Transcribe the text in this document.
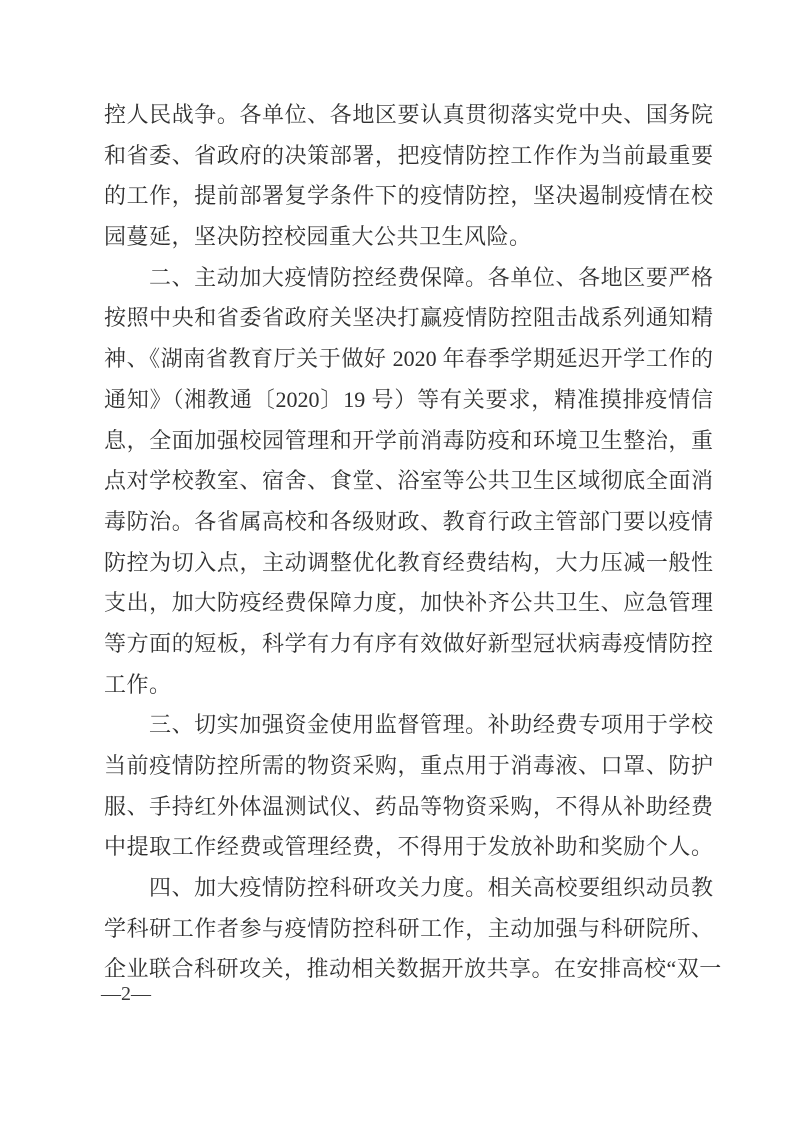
控人民战争。各单位、各地区要认真贯彻落实党中央、国务院
和省委、省政府的决策部署，把疫情防控工作作为当前最重要
的工作，提前部署复学条件下的疫情防控，坚决遏制疫情在校
园蔓延，坚决防控校园重大公共卫生风险。
二、主动加大疫情防控经费保障。各单位、各地区要严格
按照中央和省委省政府关坚决打赢疫情防控阻击战系列通知精
神、《湖南省教育厅关于做好 2020 年春季学期延迟开学工作的
通知》（湘教通〔2020〕19 号）等有关要求，精准摸排疫情信
息，全面加强校园管理和开学前消毒防疫和环境卫生整治，重
点对学校教室、宿舍、食堂、浴室等公共卫生区域彻底全面消
毒防治。各省属高校和各级财政、教育行政主管部门要以疫情
防控为切入点，主动调整优化教育经费结构，大力压减一般性
支出，加大防疫经费保障力度，加快补齐公共卫生、应急管理
等方面的短板，科学有力有序有效做好新型冠状病毒疫情防控
工作。
三、切实加强资金使用监督管理。补助经费专项用于学校
当前疫情防控所需的物资采购，重点用于消毒液、口罩、防护
服、手持红外体温测试仪、药品等物资采购，不得从补助经费
中提取工作经费或管理经费，不得用于发放补助和奖励个人。
四、加大疫情防控科研攻关力度。相关高校要组织动员教
学科研工作者参与疫情防控科研工作，主动加强与科研院所、
企业联合科研攻关，推动相关数据开放共享。在安排高校“双一
—2—
